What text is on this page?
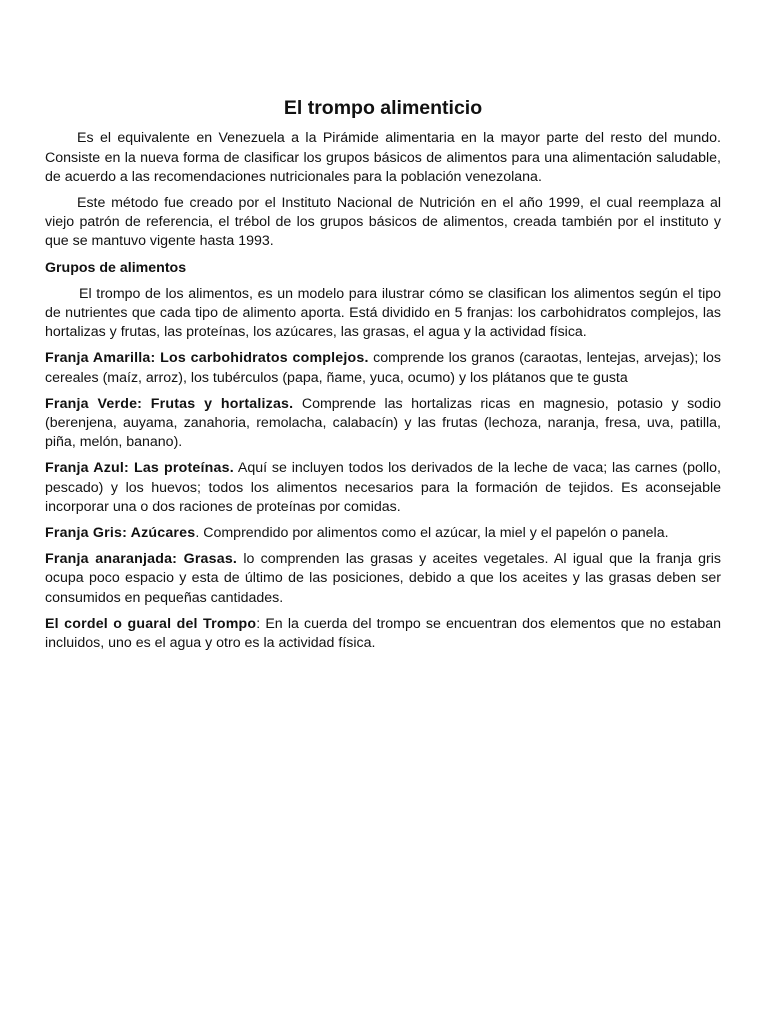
El trompo alimenticio

Es el equivalente en Venezuela a la Pirámide alimentaria en la mayor parte del resto del mundo. Consiste en la nueva forma de clasificar los grupos básicos de alimentos para una alimentación saludable, de acuerdo a las recomendaciones nutricionales para la población venezolana.

Este método fue creado por el Instituto Nacional de Nutrición en el año 1999, el cual reemplaza al viejo patrón de referencia, el trébol de los grupos básicos de alimentos, creada también por el instituto y que se mantuvo vigente hasta 1993.

Grupos de alimentos

El trompo de los alimentos, es un modelo para ilustrar cómo se clasifican los alimentos según el tipo de nutrientes que cada tipo de alimento aporta. Está dividido en 5 franjas: los carbohidratos complejos, las hortalizas y frutas, las proteínas, los azúcares, las grasas, el agua y la actividad física.

Franja Amarilla: Los carbohidratos complejos. comprende los granos (caraotas, lentejas, arvejas); los cereales (maíz, arroz), los tubérculos (papa, ñame, yuca, ocumo) y los plátanos que te gusta

Franja Verde: Frutas y hortalizas. Comprende las hortalizas ricas en magnesio, potasio y sodio (berenjena, auyama, zanahoria, remolacha, calabacín) y las frutas (lechoza, naranja, fresa, uva, patilla, piña, melón, banano).

Franja Azul: Las proteínas. Aquí se incluyen todos los derivados de la leche de vaca; las carnes (pollo, pescado) y los huevos; todos los alimentos necesarios para la formación de tejidos. Es aconsejable incorporar una o dos raciones de proteínas por comidas.

Franja Gris: Azúcares. Comprendido por alimentos como el azúcar, la miel y el papelón o panela.

Franja anaranjada: Grasas. lo comprenden las grasas y aceites vegetales. Al igual que la franja gris ocupa poco espacio y esta de último de las posiciones, debido a que los aceites y las grasas deben ser consumidos en pequeñas cantidades.

El cordel o guaral del Trompo: En la cuerda del trompo se encuentran dos elementos que no estaban incluidos, uno es el agua y otro es la actividad física.
